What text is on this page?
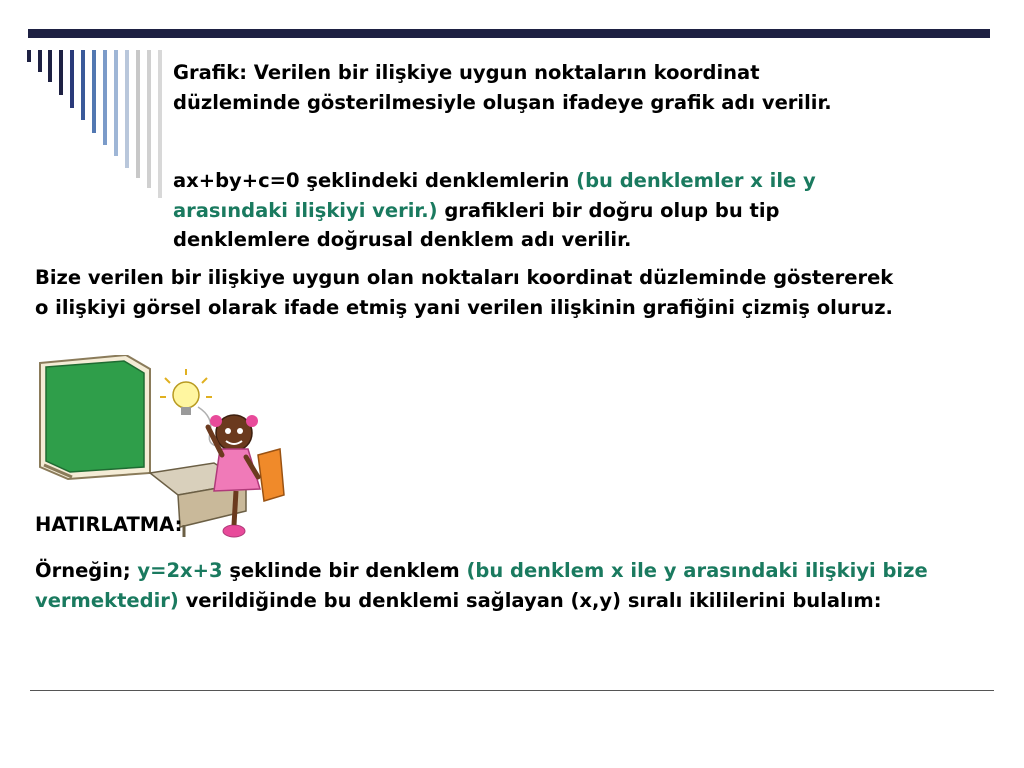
Grafik: Verilen bir ilişkiye uygun noktaların koordinat düzleminde gösterilmesiyle oluşan ifadeye grafik adı verilir.

ax+by+c=0 şeklindeki denklemlerin (bu denklemler x ile y arasındaki ilişkiyi verir.) grafikleri bir doğru olup bu tip denklemlere doğrusal denklem adı verilir.

Bize verilen bir ilişkiye uygun olan noktaları koordinat düzleminde göstererek o ilişkiyi görsel olarak ifade etmiş yani verilen ilişkinin grafiğini çizmiş oluruz.

HATIRLATMA:

Örneğin; y=2x+3 şeklinde bir denklem (bu denklem x ile y arasındaki ilişkiyi bize vermektedir) verildiğinde bu denklemi sağlayan (x,y) sıralı ikililerini bulalım:
